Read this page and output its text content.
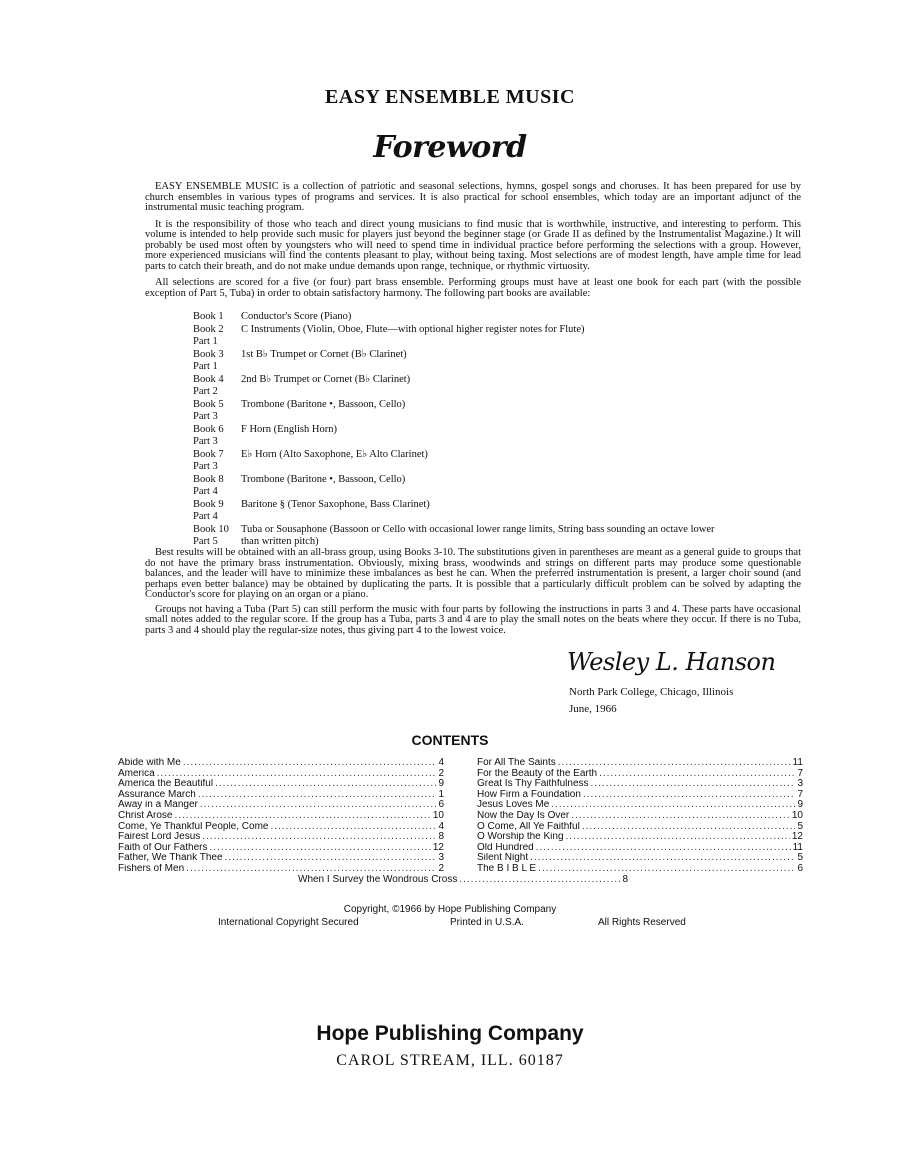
EASY ENSEMBLE MUSIC
Foreword

EASY ENSEMBLE MUSIC is a collection of patriotic and seasonal selections, hymns, gospel songs and choruses. It has been prepared for use by church ensembles in various types of programs and services. It is also practical for school ensembles, which today are an important adjunct of the instrumental music teaching program.

It is the responsibility of those who teach and direct young musicians to find music that is worthwhile, instructive, and interesting to perform. This volume is intended to help provide such music for players just beyond the beginner stage (or Grade II as defined by the Instrumentalist Magazine.) It will probably be used most often by youngsters who will need to spend time in individual practice before performing the selections with a group. However, more experienced musicians will find the contents pleasant to play, without being taxing. Most selections are of modest length, have ample time for lead parts to catch their breath, and do not make undue demands upon range, technique, or rhythmic virtuosity.

All selections are scored for a five (or four) part brass ensemble. Performing groups must have at least one book for each part (with the possible exception of Part 5, Tuba) in order to obtain satisfactory harmony. The following part books are available:

Book 1 Conductor's Score (Piano)
Book 2 C Instruments (Violin, Oboe, Flute—with optional higher register notes for Flute)
Part 1
Book 3 1st B♭ Trumpet or Cornet (B♭ Clarinet)
Part 1
Book 4 2nd B♭ Trumpet or Cornet (B♭ Clarinet)
Part 2
Book 5 Trombone (Baritone •, Bassoon, Cello)
Part 3
Book 6 F Horn (English Horn)
Part 3
Book 7 E♭ Horn (Alto Saxophone, E♭ Alto Clarinet)
Part 3
Book 8 Trombone (Baritone •, Bassoon, Cello)
Part 4
Book 9 Baritone § (Tenor Saxophone, Bass Clarinet)
Part 4
Book 10 Tuba or Sousaphone (Bassoon or Cello with occasional lower range limits, String bass sounding an octave lower
Part 5 than written pitch)

Best results will be obtained with an all-brass group, using Books 3-10. The substitutions given in parentheses are meant as a general guide to groups that do not have the primary brass instrumentation. Obviously, mixing brass, woodwinds and strings on different parts may produce some questionable balances, and the leader will have to minimize these imbalances as best he can. When the preferred instrumentation is present, a larger choir sound (and perhaps even better balance) may be obtained by duplicating the parts. It is possible that a particularly difficult problem can be solved by adapting the Conductor's score for playing on an organ or a piano.

Groups not having a Tuba (Part 5) can still perform the music with four parts by following the instructions in parts 3 and 4. These parts have occasional small notes added to the regular score. If the group has a Tuba, parts 3 and 4 are to play the small notes on the beats where they occur. If there is no Tuba, parts 3 and 4 should play the regular-size notes, thus giving part 4 to the lowest voice.

Wesley L. Hanson
North Park College, Chicago, Illinois
June, 1966
CONTENTS
Abide with Me .....	4
America .....	2
America the Beautiful .....	9
Assurance March .....	1
Away in a Manger .....	6
Christ Arose .....	10
Come, Ye Thankful People, Come .....	4
Fairest Lord Jesus .....	8
Faith of Our Fathers .....	12
Father, We Thank Thee .....	3
Fishers of Men .....	2
For All The Saints .....	11
For the Beauty of the Earth .....	7
Great Is Thy Faithfulness .....	3
How Firm a Foundation .....	7
Jesus Loves Me .....	9
Now the Day Is Over .....	10
O Come, All Ye Faithful .....	5
O Worship the King .....	12
Old Hundred .....	11
Silent Night .....	5
The B I B L E .....	6
When I Survey the Wondrous Cross .....	8
Copyright, ©1966 by Hope Publishing Company
International Copyright Secured	Printed in U.S.A.	All Rights Reserved
Hope Publishing Company
CAROL STREAM, ILL. 60187
